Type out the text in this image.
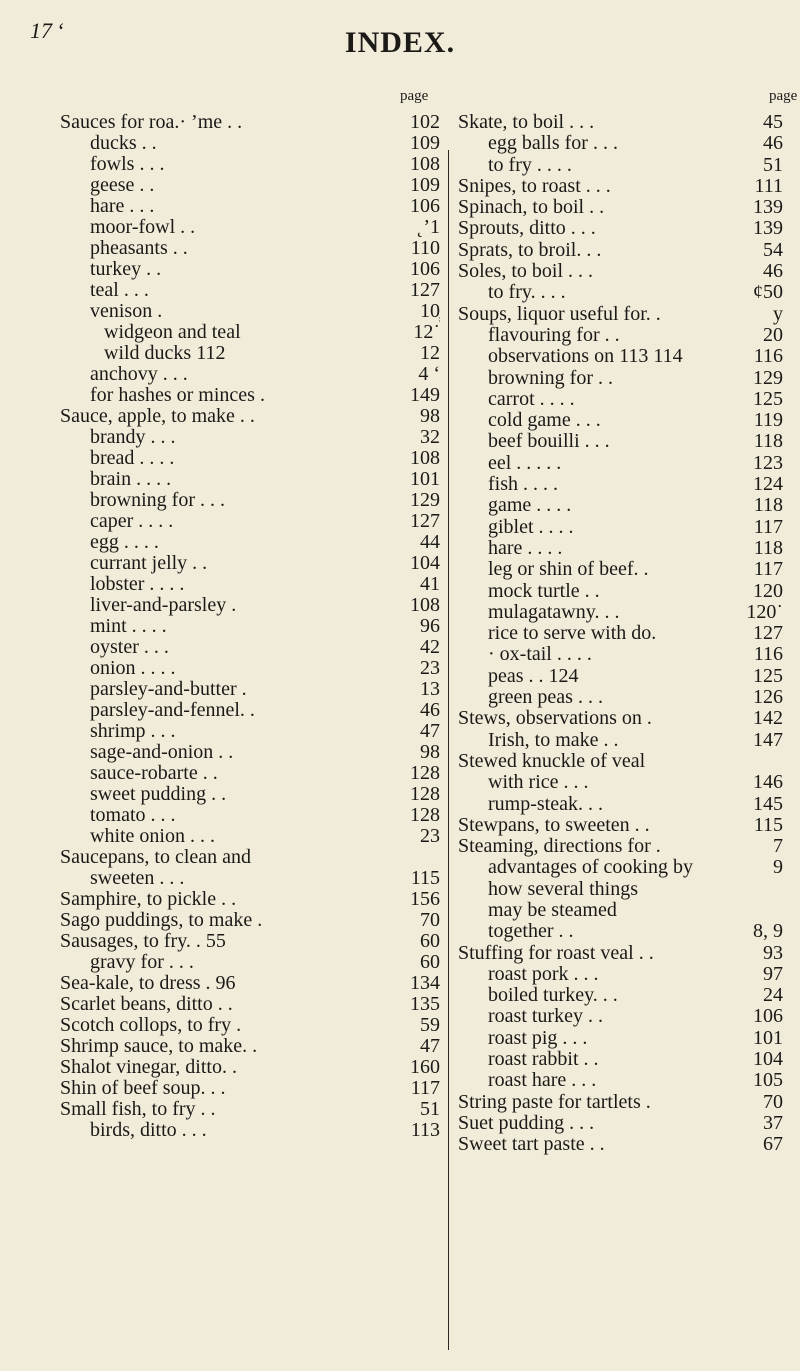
17 ‘	INDEX.
page	page
Sauces for roa.· ’me . .	102
ducks . .	109
fowls . . .	108
geese . .	109
hare . . .	106
moor-fowl . .	˛’1
pheasants . .	110
turkey . .	106
teal . . .	127
venison .	10̹
widgeon and teal	12˙
wild ducks 112	12
anchovy . . .	4 ‘
for hashes or minces .	149
Sauce, apple, to make . .	98
brandy . . .	32
bread . . . .	108
brain . . . .	101
browning for . . .	129
caper . . . .	127
egg . . . .	44
currant jelly . .	104
lobster . . . .	41
liver-and-parsley .	108
mint . . . .	96
oyster . . .	42
onion . . . .	23
parsley-and-butter .	13
parsley-and-fennel. .	46
shrimp . . .	47
sage-and-onion . .	98
sauce-robarte . .	128
sweet pudding . .	128
tomato . . .	128
white onion . . .	23
Saucepans, to clean and
sweeten . . .	115
Samphire, to pickle . .	156
Sago puddings, to make .	70
Sausages, to fry. . 55	60
gravy for . . .	60
Sea-kale, to dress . 96	134
Scarlet beans, ditto . .	135
Scotch collops, to fry .	59
Shrimp sauce, to make. .	47
Shalot vinegar, ditto. .	160
Shin of beef soup. . .	117
Small fish, to fry . .	51
birds, ditto . . .	113
Skate, to boil . . .	45
egg balls for . . .	46
to fry . . . .	51
Snipes, to roast . . .	111
Spinach, to boil . .	139
Sprouts, ditto . . .	139
Sprats, to broil. . .	54
Soles, to boil . . .	46
to fry. . . .	¢50
Soups, liquor useful for. .	у
flavouring for . .	20
observations on 113 114	116
browning for . .	129
carrot . . . .	125
cold game . . .	119
beef bouilli . . .	118
eel . . . . .	123
fish . . . .	124
game . . . .	118
giblet . . . .	117
hare . . . .	118
leg or shin of beef. .	117
mock turtle . .	120
mulagatawny. . .	120˙
rice to serve with do.	127
· ox-tail . . . .	116
peas . . 124	125
green peas . . .	126
Stews, observations on .	142
Irish, to make . .	147
Stewed knuckle of veal
with rice . . .	146
rump-steak. . .	145
Stewpans, to sweeten . .	115
Steaming, directions for .	7
advantages of cooking by	9
how several things
may be steamed
together . .	8, 9
Stuffing for roast veal . .	93
roast pork . . .	97
boiled turkey. . .	24
roast turkey . .	106
roast pig . . .	101
roast rabbit . .	104
roast hare . . .	105
String paste for tartlets .	70
Suet pudding . . .	37
Sweet tart paste . .	67
